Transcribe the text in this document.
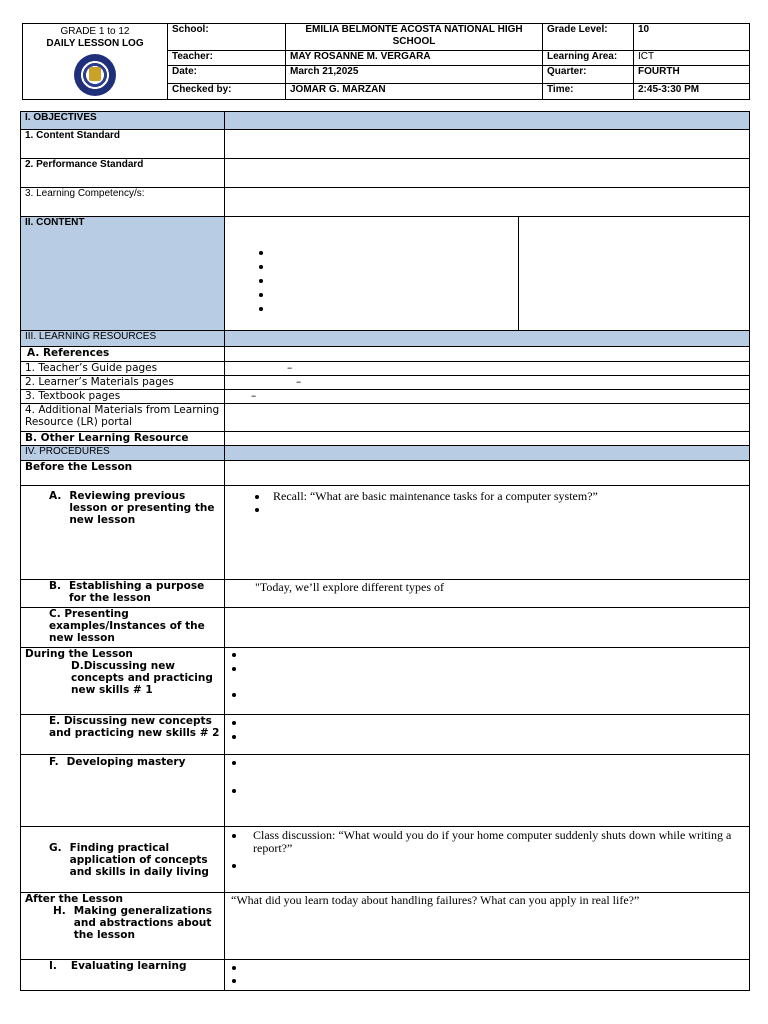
GRADE 1 to 12
DAILY LESSON LOG	School:	EMILIA BELMONTE ACOSTA NATIONAL HIGH SCHOOL	Grade Level:	10
	Teacher:	MAY ROSANNE M. VERGARA	Learning Area:	ICT
	Date:	March 21,2025	Quarter:	FOURTH
	Checked by:	JOMAR G. MARZAN	Time:	2:45-3:30 PM
I. OBJECTIVES		
1. Content Standard		
2. Performance Standard		
3. Learning Competency/s:		
II. CONTENT	

III. LEARNING RESOURCES		
A. References		
1. Teacher’s Guide pages	–	
2. Learner’s Materials pages	–	
3. Textbook pages	–	
4. Additional Materials from Learning Resource (LR) portal		
B. Other Learning Resource		
IV. PROCEDURES		
Before the Lesson		

A. Reviewing previous lesson or presenting the new lesson	Recall: “What are basic maintenance tasks for a computer system?”	

B. Establishing a purpose for the lesson	"Today, we’ll explore different types of	
C. Presenting examples/Instances of the new lesson		

During the Lesson
D.Discussing new concepts and practicing new skills # 1		

E. Discussing new concepts and practicing new skills # 2		

F. Developing mastery		

G. Finding practical application of concepts and skills in daily living	Class discussion: “What would you do if your home computer suddenly shuts down while writing a report?”	

After the Lesson
H. Making generalizations and abstractions about the lesson	“What did you learn today about handling failures? What can you apply in real life?”	

I. Evaluating learning		
